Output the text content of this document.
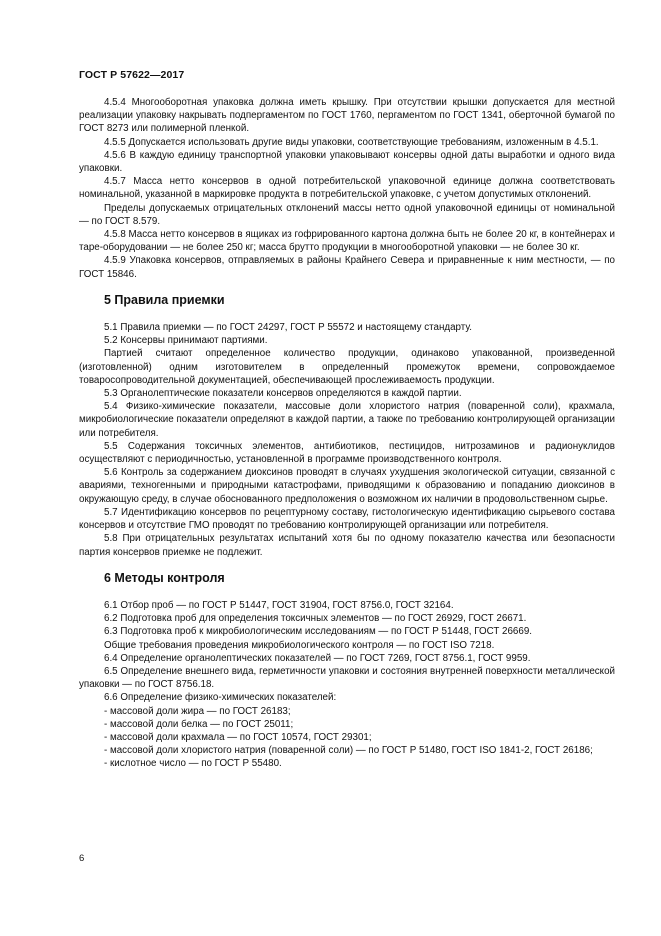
ГОСТ Р 57622—2017

4.5.4 Многооборотная упаковка должна иметь крышку. При отсутствии крышки допускается для местной реализации упаковку накрывать подпергаментом по ГОСТ 1760, пергаментом по ГОСТ 1341, оберточной бумагой по ГОСТ 8273 или полимерной пленкой.

4.5.5 Допускается использовать другие виды упаковки, соответствующие требованиям, изложенным в 4.5.1.

4.5.6 В каждую единицу транспортной упаковки упаковывают консервы одной даты выработки и одного вида упаковки.

4.5.7 Масса нетто консервов в одной потребительской упаковочной единице должна соответствовать номинальной, указанной в маркировке продукта в потребительской упаковке, с учетом допустимых отклонений.

Пределы допускаемых отрицательных отклонений массы нетто одной упаковочной единицы от номинальной — по ГОСТ 8.579.

4.5.8 Масса нетто консервов в ящиках из гофрированного картона должна быть не более 20 кг, в контейнерах и таре-оборудовании — не более 250 кг; масса брутто продукции в многооборотной упаковки — не более 30 кг.

4.5.9 Упаковка консервов, отправляемых в районы Крайнего Севера и приравненные к ним местности, — по ГОСТ 15846.

5 Правила приемки

5.1 Правила приемки — по ГОСТ 24297, ГОСТ Р 55572 и настоящему стандарту.

5.2 Консервы принимают партиями.

Партией считают определенное количество продукции, одинаково упакованной, произведенной (изготовленной) одним изготовителем в определенный промежуток времени, сопровождаемое товаросопроводительной документацией, обеспечивающей прослеживаемость продукции.

5.3 Органолептические показатели консервов определяются в каждой партии.

5.4 Физико-химические показатели, массовые доли хлористого натрия (поваренной соли), крахмала, микробиологические показатели определяют в каждой партии, а также по требованию контролирующей организации или потребителя.

5.5 Содержания токсичных элементов, антибиотиков, пестицидов, нитрозаминов и радионуклидов осуществляют с периодичностью, установленной в программе производственного контроля.

5.6 Контроль за содержанием диоксинов проводят в случаях ухудшения экологической ситуации, связанной с авариями, техногенными и природными катастрофами, приводящими к образованию и попаданию диоксинов в окружающую среду, в случае обоснованного предположения о возможном их наличии в продовольственном сырье.

5.7 Идентификацию консервов по рецептурному составу, гистологическую идентификацию сырьевого состава консервов и отсутствие ГМО проводят по требованию контролирующей организации или потребителя.

5.8 При отрицательных результатах испытаний хотя бы по одному показателю качества или безопасности партия консервов приемке не подлежит.

6 Методы контроля

6.1 Отбор проб — по ГОСТ Р 51447, ГОСТ 31904, ГОСТ 8756.0, ГОСТ 32164.

6.2 Подготовка проб для определения токсичных элементов — по ГОСТ 26929, ГОСТ 26671.

6.3 Подготовка проб к микробиологическим исследованиям — по ГОСТ Р 51448, ГОСТ 26669.

Общие требования проведения микробиологического контроля — по ГОСТ ISO 7218.

6.4 Определение органолептических показателей — по ГОСТ 7269, ГОСТ 8756.1, ГОСТ 9959.

6.5 Определение внешнего вида, герметичности упаковки и состояния внутренней поверхности металлической упаковки — по ГОСТ 8756.18.

6.6 Определение физико-химических показателей:

- массовой доли жира — по ГОСТ 26183;

- массовой доли белка — по ГОСТ 25011;

- массовой доли крахмала — по ГОСТ 10574, ГОСТ 29301;

- массовой доли хлористого натрия (поваренной соли) — по ГОСТ Р 51480, ГОСТ ISO 1841-2, ГОСТ 26186;

- кислотное число — по ГОСТ Р 55480.

6
